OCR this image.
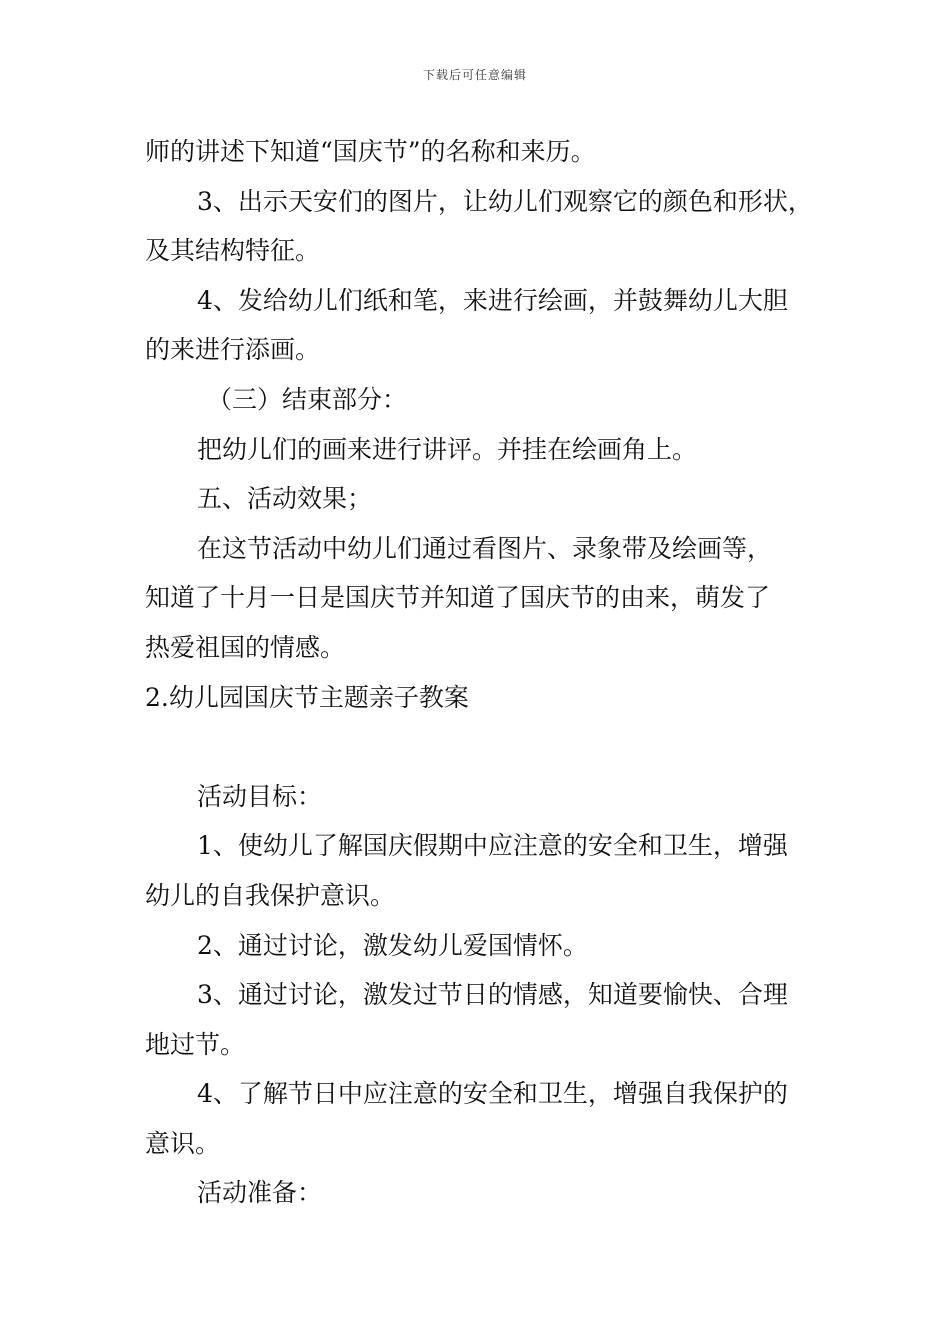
下载后可任意编辑
师的讲述下知道“国庆节”的名称和来历。
3、出示天安们的图片，让幼儿们观察它的颜色和形状，
及其结构特征。
4、发给幼儿们纸和笔，来进行绘画，并鼓舞幼儿大胆
的来进行添画。
（三）结束部分：
把幼儿们的画来进行讲评。并挂在绘画角上。
五、活动效果；
在这节活动中幼儿们通过看图片、录象带及绘画等，
知道了十月一日是国庆节并知道了国庆节的由来，萌发了
热爱祖国的情感。
2.幼儿园国庆节主题亲子教案
活动目标：
1、使幼儿了解国庆假期中应注意的安全和卫生，增强
幼儿的自我保护意识。
2、通过讨论，激发幼儿爱国情怀。
3、通过讨论，激发过节日的情感，知道要愉快、合理
地过节。
4、了解节日中应注意的安全和卫生，增强自我保护的
意识。
活动准备：
